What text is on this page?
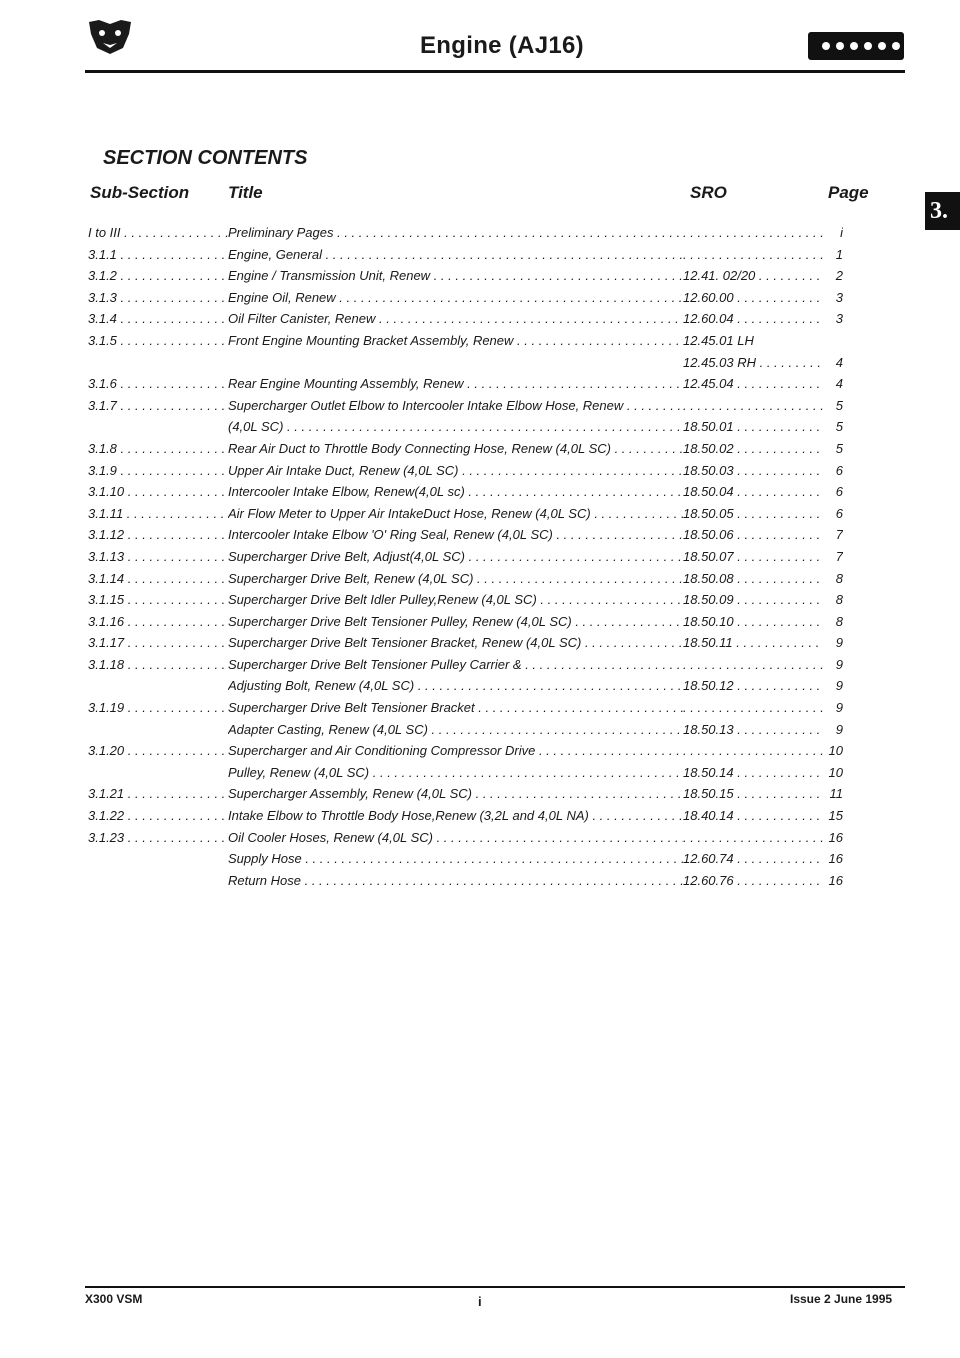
Engine (AJ16)
3.
SECTION CONTENTS
Sub-Section Title	SRO	Page
I to III . . .	Preliminary Pages . . . . . .	i
3.1.1 . . .	Engine, General . . . . . .	1
3.1.2 . . .	Engine / Transmission Unit, Renew . . .	12.41. 02/20 . . .	2
3.1.3 . . .	Engine Oil, Renew . . .	12.60.00 . . .	3
3.1.4 . . .	Oil Filter Canister, Renew . . .	12.60.04 . . .	3
3.1.5 . . .	Front Engine Mounting Bracket Assembly, Renew . . .	12.45.01 LH
12.45.03 RH . . .	4
3.1.6 . . .	Rear Engine Mounting Assembly, Renew . . .	12.45.04 . . .	4
3.1.7 . . .	Supercharger Outlet Elbow to Intercooler Intake Elbow Hose, Renew . . . . . .	5
(4,0L SC) . . .	18.50.01 . . .	5
3.1.8 . . .	Rear Air Duct to Throttle Body Connecting Hose, Renew (4,0L SC) . . .	18.50.02 . . .	5
3.1.9 . . .	Upper Air Intake Duct, Renew (4,0L SC) . . .	18.50.03 . . .	6
3.1.10 . . .	Intercooler Intake Elbow, Renew(4,0L sc) . . .	18.50.04 . . .	6
3.1.11 . . .	Air Flow Meter to Upper Air IntakeDuct Hose, Renew (4,0L SC) . . .	18.50.05 . . .	6
3.1.12 . . .	Intercooler Intake Elbow 'O' Ring Seal, Renew (4,0L SC) . . .	18.50.06 . . .	7
3.1.13 . . .	Supercharger Drive Belt, Adjust(4,0L SC) . . .	18.50.07 . . .	7
3.1.14 . . .	Supercharger Drive Belt, Renew (4,0L SC) . . .	18.50.08 . . .	8
3.1.15 . . .	Supercharger Drive Belt Idler Pulley,Renew (4,0L SC) . . .	18.50.09 . . .	8
3.1.16 . . .	Supercharger Drive Belt Tensioner Pulley, Renew (4,0L SC) . . .	18.50.10 . . .	8
3.1.17 . . .	Supercharger Drive Belt Tensioner Bracket, Renew (4,0L SC) . . .	18.50.11 . . .	9
3.1.18 . . .	Supercharger Drive Belt Tensioner Pulley Carrier & . . . . . .	9
Adjusting Bolt, Renew (4,0L SC) . . .	18.50.12 . . .	9
3.1.19 . . .	Supercharger Drive Belt Tensioner Bracket . . . . . .	9
Adapter Casting, Renew (4,0L SC) . . .	18.50.13 . . .	9
3.1.20 . . .	Supercharger and Air Conditioning Compressor Drive . . . . . .	10
Pulley, Renew (4,0L SC) . . .	18.50.14 . . .	10
3.1.21 . . .	Supercharger Assembly, Renew (4,0L SC) . . .	18.50.15 . . .	11
3.1.22 . . .	Intake Elbow to Throttle Body Hose,Renew (3,2L and 4,0L NA) . . .	18.40.14 . . .	15
3.1.23 . . .	Oil Cooler Hoses, Renew (4,0L SC) . . . . . .	16
Supply Hose . . .	12.60.74 . . .	16
Return Hose . . .	12.60.76 . . .	16
X300 VSM	i	Issue 2 June 1995
